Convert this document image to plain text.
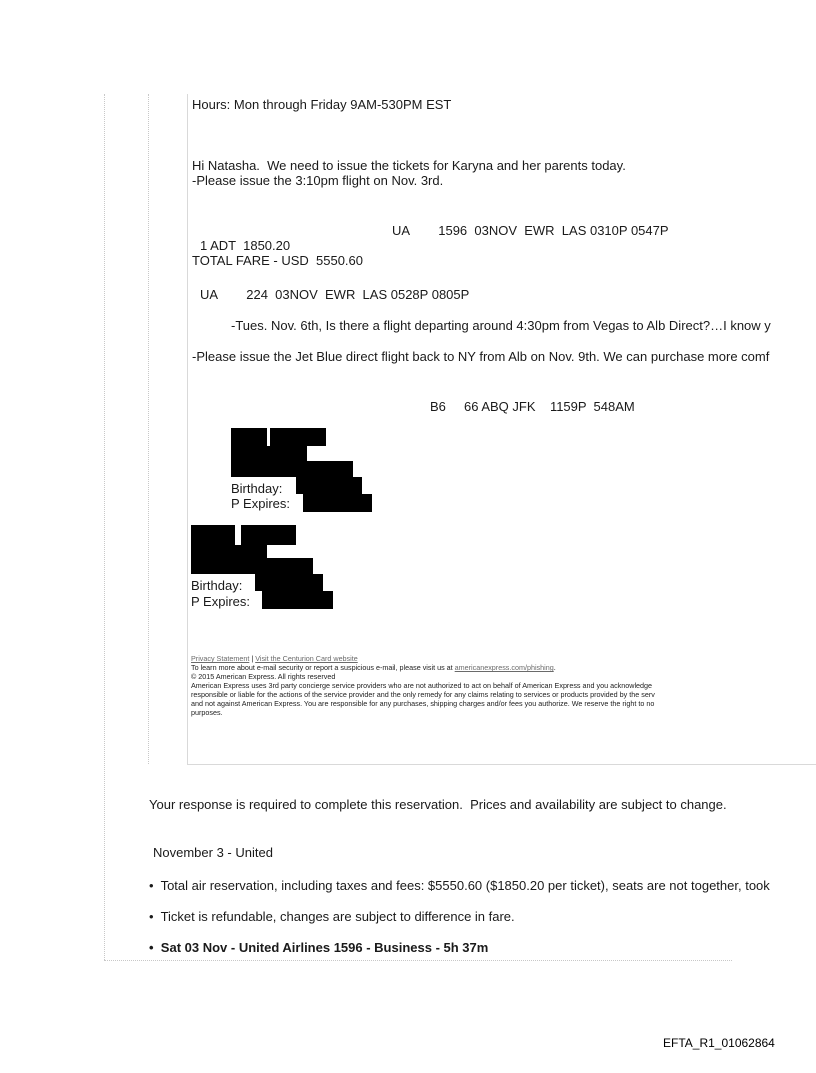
Hours: Mon through Friday 9AM-530PM EST
Hi Natasha.  We need to issue the tickets for Karyna and her parents today.
-Please issue the 3:10pm flight on Nov. 3rd.
UA        1596  03NOV  EWR  LAS 0310P 0547P
1 ADT  1850.20
TOTAL FARE - USD  5550.60
UA        224  03NOV  EWR  LAS 0528P 0805P
-Tues. Nov. 6th, Is there a flight departing around 4:30pm from Vegas to Alb Direct?…I know y
-Please issue the Jet Blue direct flight back to NY from Alb on Nov. 9th. We can purchase more comf
B6     66 ABQ JFK    1159P  548AM
Birthday:
P Expires:
Birthday:
P Expires:
Privacy Statement | Visit the Centurion Card website
To learn more about e-mail security or report a suspicious e-mail, please visit us at americanexpress.com/phishing.
© 2015 American Express. All rights reserved
American Express uses 3rd party concierge service providers who are not authorized to act on behalf of American Express and you acknowledge
responsible or liable for the actions of the service provider and the only remedy for any claims relating to services or products provided by the serv
and not against American Express. You are responsible for any purchases, shipping charges and/or fees you authorize. We reserve the right to no
purposes.
Your response is required to complete this reservation.  Prices and availability are subject to change.
November 3 - United
• Total air reservation, including taxes and fees: $5550.60 ($1850.20 per ticket), seats are not together, took
• Ticket is refundable, changes are subject to difference in fare.
• Sat 03 Nov - United Airlines 1596 - Business - 5h 37m
EFTA_R1_01062864
